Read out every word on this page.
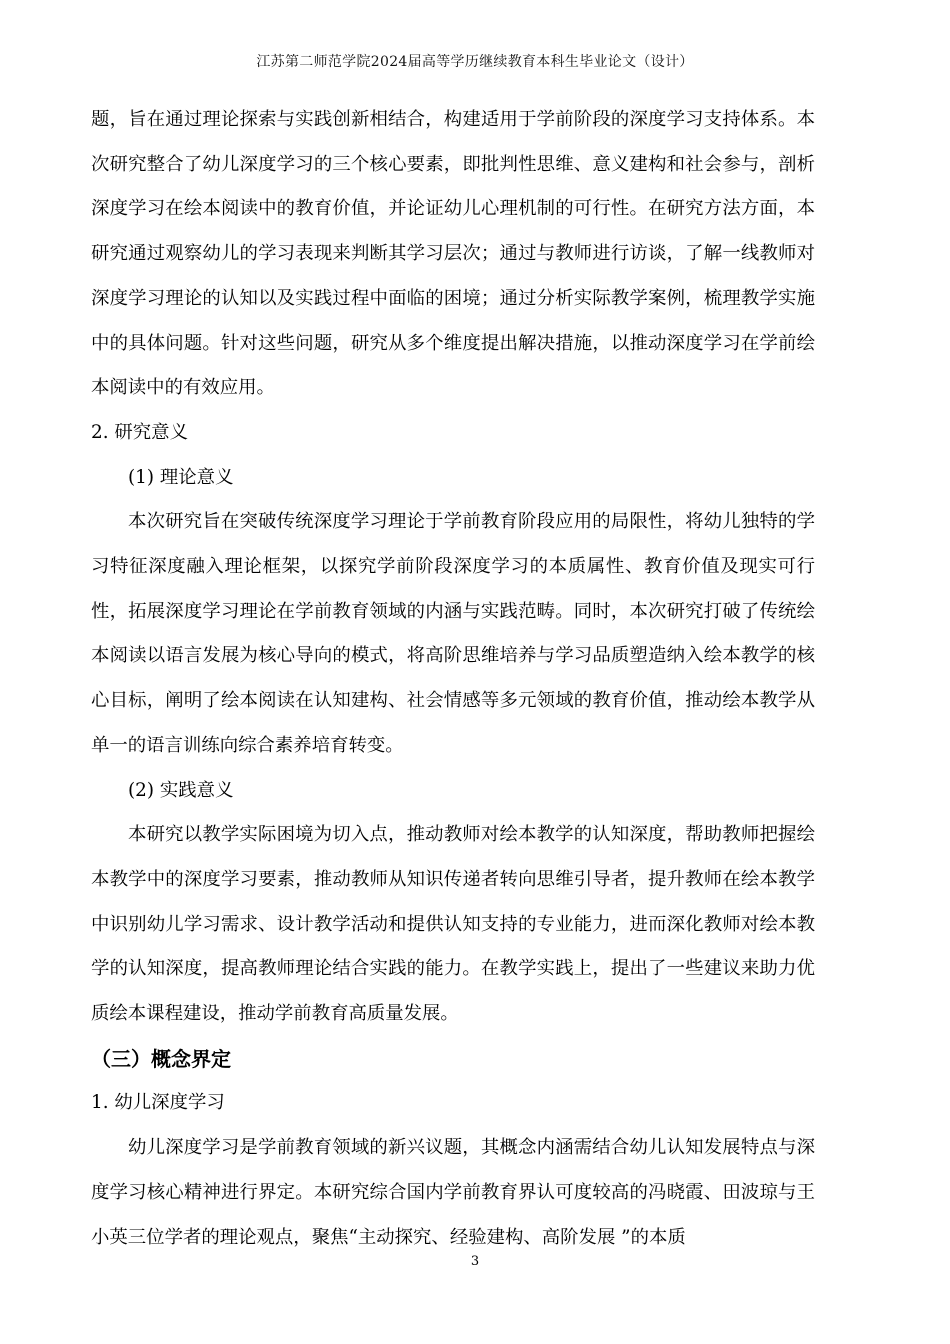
江苏第二师范学院2024届高等学历继续教育本科生毕业论文（设计）

题，旨在通过理论探索与实践创新相结合，构建适用于学前阶段的深度学习支持体系。本次研究整合了幼儿深度学习的三个核心要素，即批判性思维、意义建构和社会参与，剖析深度学习在绘本阅读中的教育价值，并论证幼儿心理机制的可行性。在研究方法方面，本研究通过观察幼儿的学习表现来判断其学习层次；通过与教师进行访谈，了解一线教师对深度学习理论的认知以及实践过程中面临的困境；通过分析实际教学案例，梳理教学实施中的具体问题。针对这些问题，研究从多个维度提出解决措施，以推动深度学习在学前绘本阅读中的有效应用。

2. 研究意义

(1) 理论意义

本次研究旨在突破传统深度学习理论于学前教育阶段应用的局限性，将幼儿独特的学习特征深度融入理论框架，以探究学前阶段深度学习的本质属性、教育价值及现实可行性，拓展深度学习理论在学前教育领域的内涵与实践范畴。同时，本次研究打破了传统绘本阅读以语言发展为核心导向的模式，将高阶思维培养与学习品质塑造纳入绘本教学的核心目标，阐明了绘本阅读在认知建构、社会情感等多元领域的教育价值，推动绘本教学从单一的语言训练向综合素养培育转变。

(2) 实践意义

本研究以教学实际困境为切入点，推动教师对绘本教学的认知深度，帮助教师把握绘本教学中的深度学习要素，推动教师从知识传递者转向思维引导者，提升教师在绘本教学中识别幼儿学习需求、设计教学活动和提供认知支持的专业能力，进而深化教师对绘本教学的认知深度，提高教师理论结合实践的能力。在教学实践上，提出了一些建议来助力优质绘本课程建设，推动学前教育高质量发展。

（三）概念界定

1. 幼儿深度学习

幼儿深度学习是学前教育领域的新兴议题，其概念内涵需结合幼儿认知发展特点与深度学习核心精神进行界定。本研究综合国内学前教育界认可度较高的冯晓霞、田波琼与王小英三位学者的理论观点，聚焦“主动探究、经验建构、高阶发展 ”的本质

3
